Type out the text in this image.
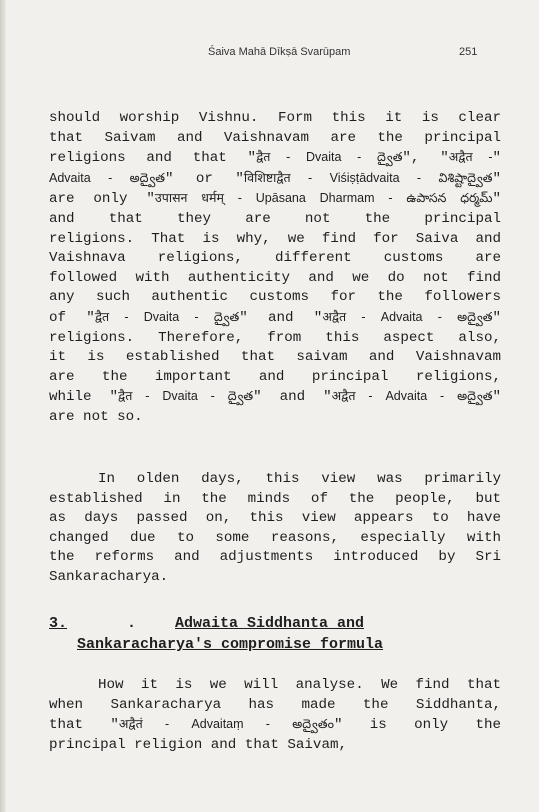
Śaiva Mahā Dīkṣā Svarūpam	251
should worship Vishnu. Form this it is clear
that Saivam and Vaishnavam are the principal
religions and that "द्वैत - Dvaita - ద్వైత", "अद्वैत -"
Advaita - అద్వైత" or "विशिष्टाद्वैत - Viśiṣṭādvaita - విశిష్టాద్వైత"
are only "उपासन धर्मम् - Upāsana Dharmam - ఉపాసన ధర్మమ్"
and that they are not the principal
religions. That is why, we find for Saiva and
Vaishnava religions, different customs are
followed with authenticity and we do not find
any such authentic customs for the followers
of "द्वैत - Dvaita - ద్వైత" and "अद्वैत - Advaita - అద్వైత"
religions. Therefore, from this aspect also,
it is established that saivam and Vaishnavam
are the important and principal religions,
while "द्वैत - Dvaita - ద్వైత" and "अद्वैत - Advaita - అద్వైత"
are not so.
In olden days, this view was primarily
established in the minds of the people, but
as days passed on, this view appears to have
changed due to some reasons, especially with
the reforms and adjustments introduced by Sri
Sankaracharya.
3.	.	Adwaita Siddhanta and
Sankaracharya's compromise formula
How it is we will analyse. We find that
when Sankaracharya has made the Siddhanta,
that "अद्वैतं - Advaitaṃ - అద్వైతం" is only the
principal religion and that Saivam,
